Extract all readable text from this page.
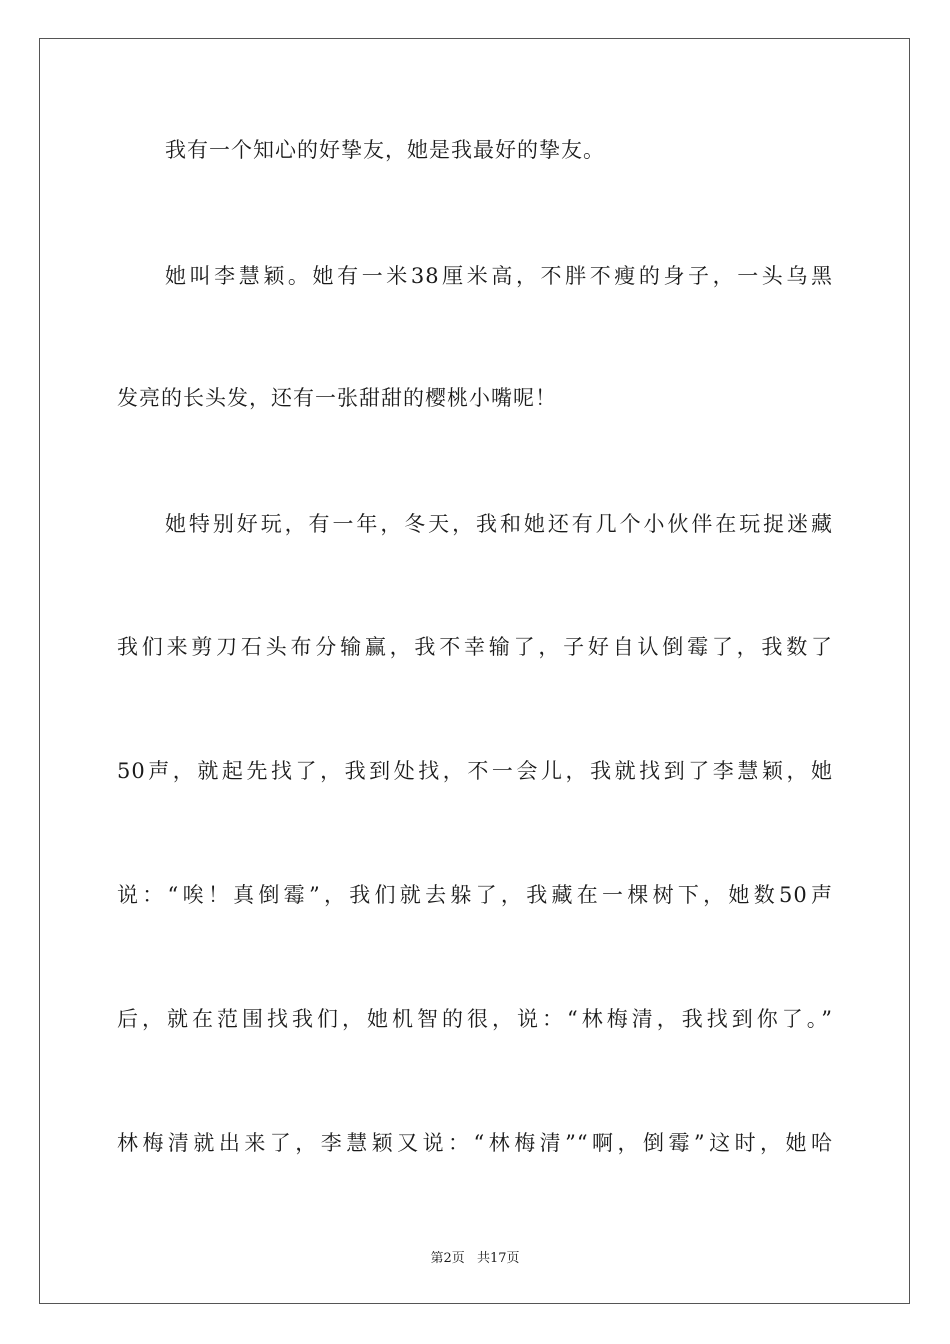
我有一个知心的好挚友，她是我最好的挚友。
她叫李慧颖。她有一米38厘米高，不胖不瘦的身子，一头乌黑
发亮的长头发，还有一张甜甜的樱桃小嘴呢！
她特别好玩，有一年，冬天，我和她还有几个小伙伴在玩捉迷藏
我们来剪刀石头布分输赢，我不幸输了，子好自认倒霉了，我数了
50声，就起先找了，我到处找，不一会儿，我就找到了李慧颖，她
说：“唉！真倒霉”，我们就去躲了，我藏在一棵树下，她数50声
后，就在范围找我们，她机智的很，说：“林梅清，我找到你了。”
林梅清就出来了，李慧颖又说：“林梅清”“啊，倒霉”这时，她哈
第2页 共17页
